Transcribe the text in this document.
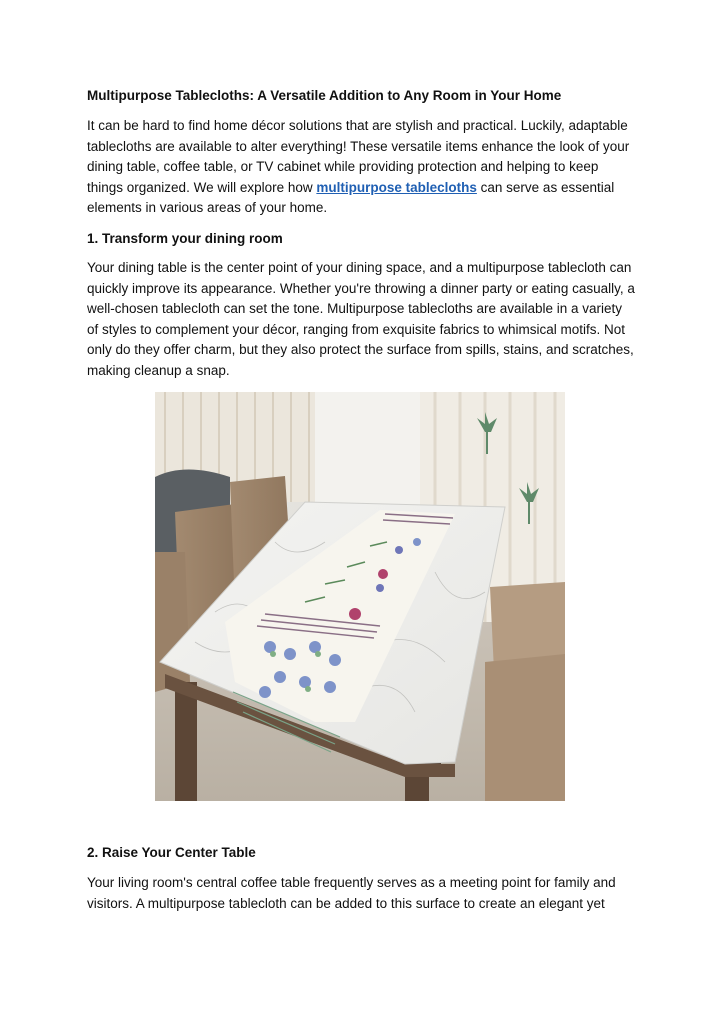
Multipurpose Tablecloths: A Versatile Addition to Any Room in Your Home

It can be hard to find home décor solutions that are stylish and practical. Luckily, adaptable tablecloths are available to alter everything! These versatile items enhance the look of your dining table, coffee table, or TV cabinet while providing protection and helping to keep things organized. We will explore how multipurpose tablecloths can serve as essential elements in various areas of your home.

1. Transform your dining room

Your dining table is the center point of your dining space, and a multipurpose tablecloth can quickly improve its appearance. Whether you're throwing a dinner party or eating casually, a well-chosen tablecloth can set the tone. Multipurpose tablecloths are available in a variety of styles to complement your décor, ranging from exquisite fabrics to whimsical motifs. Not only do they offer charm, but they also protect the surface from spills, stains, and scratches, making cleanup a snap.

2. Raise Your Center Table

Your living room's central coffee table frequently serves as a meeting point for family and visitors. A multipurpose tablecloth can be added to this surface to create an elegant yet
